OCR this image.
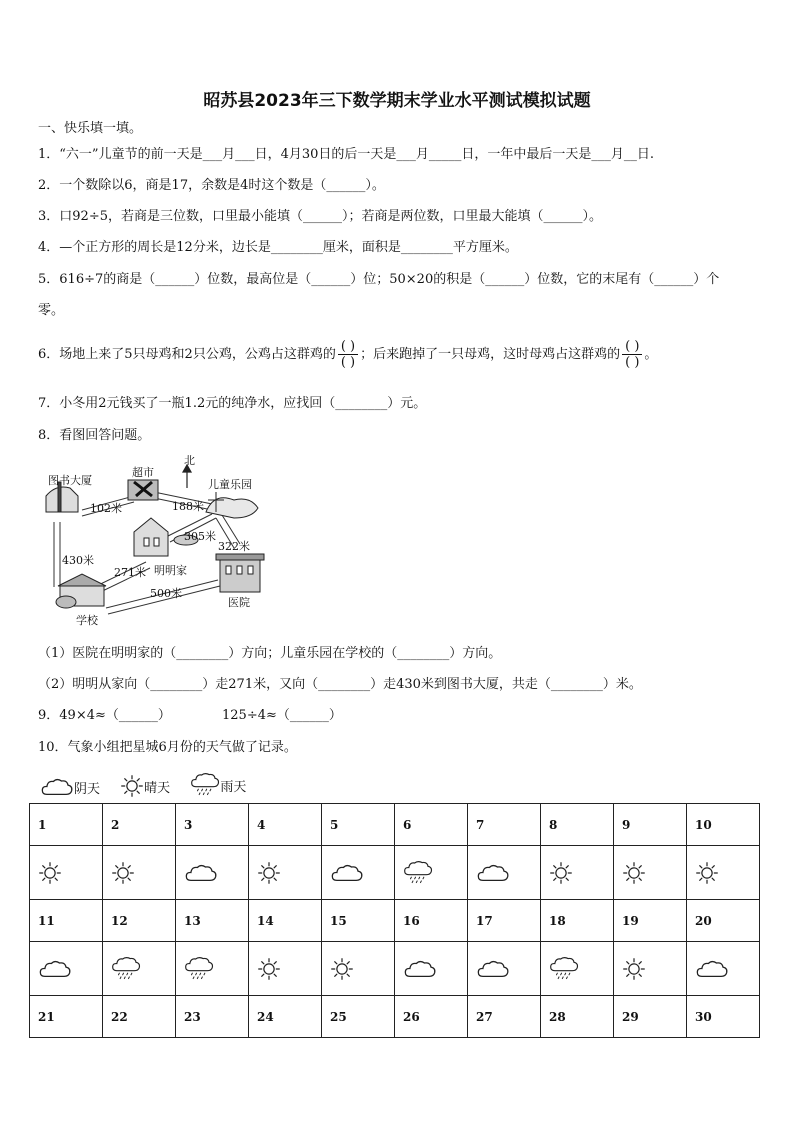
昭苏县2023年三下数学期末学业水平测试模拟试题
一、快乐填一填。
1．“六一”儿童节的前一天是___月___日，4月30日的后一天是___月_____日，一年中最后一天是___月__日.
2．一个数除以6，商是17，余数是4时这个数是（______）。
3．口92÷5，若商是三位数，口里最小能填（______）；若商是两位数，口里最大能填（______）。
4．—个正方形的周长是12分米，边长是________厘米，面积是________平方厘米。
5．616÷7的商是（______）位数，最高位是（______）位；50×20的积是（______）位数，它的末尾有（______）个
零。
6．场地上来了5只母鸡和2只公鸡，公鸡占这群鸡的 $\frac{( )}{( )}$ ；后来跑掉了一只母鸡，这时母鸡占这群鸡的 $\frac{( )}{( )}$ 。
7．小冬用2元钱买了一瓶1.2元的纯净水，应找回（________）元。
8．看图回答问题。
图书大厦
超市
北
儿童乐园
明明家
医院
学校
102米	188米
305米
322米
430米
271米
500米
（1）医院在明明家的（________）方向；儿童乐园在学校的（________）方向。
（2）明明从家向（________）走271米，又向（________）走430米到图书大厦，共走（________）米。
9．49×4≈（______）	125÷4≈（______）
10．气象小组把星城6月份的天气做了记录。
阴天
	晴天
	雨天
1	2	3	4	5	6	7	8	9	10

11	12	13	14	15	16	17	18	19	20

21	22	23	24	25	26	27	28	29	30
